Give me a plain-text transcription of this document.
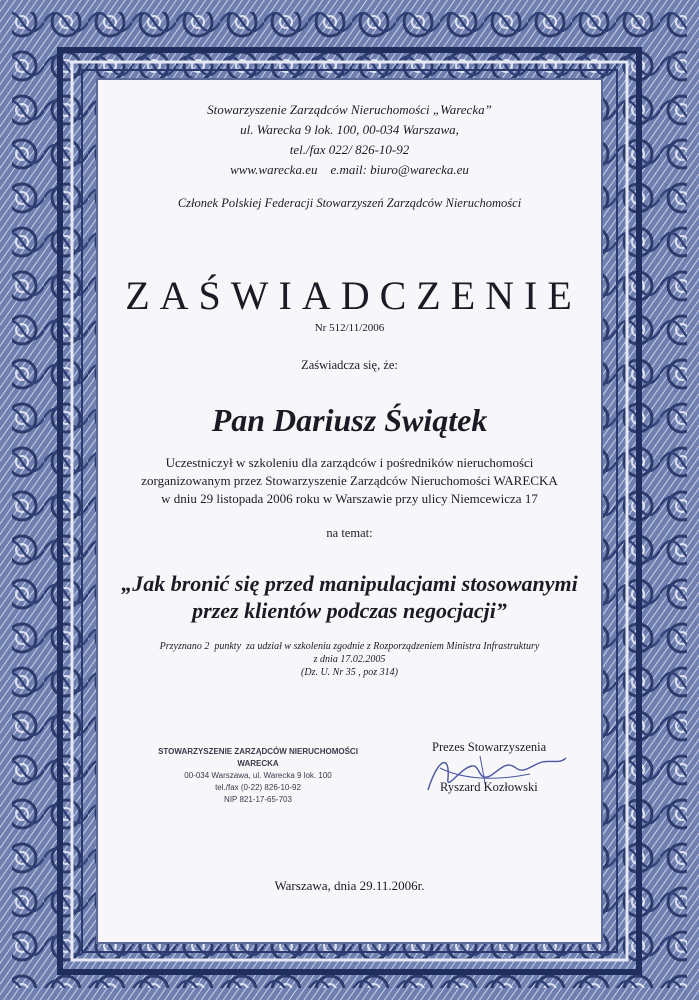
Stowarzyszenie Zarządców Nieruchomości „Warecka”
ul. Warecka 9 lok. 100, 00-034 Warszawa,
tel./fax 022/ 826-10-92
www.warecka.eu    e.mail: biuro@warecka.eu
Członek Polskiej Federacji Stowarzyszeń Zarządców Nieruchomości
ZAŚWIADCZENIE
Nr 512/11/2006
Zaświadcza się, że:
Pan Dariusz Świątek
Uczestniczył w szkoleniu dla zarządców i pośredników nieruchomości
zorganizowanym przez Stowarzyszenie Zarządców Nieruchomości WARECKA
w dniu 29 listopada 2006 roku w Warszawie przy ulicy Niemcewicza 17
na temat:
„Jak bronić się przed manipulacjami stosowanymi
przez klientów podczas negocjacji”
Przyznano 2  punkty  za udział w szkoleniu zgodnie z Rozporządzeniem Ministra Infrastruktury
z dnia 17.02.2005
(Dz. U. Nr 35 , poz 314)
STOWARZYSZENIE ZARZĄDCÓW NIERUCHOMOŚCI
WARECKA
00-034 Warszawa, ul. Warecka 9 lok. 100
tel./fax (0-22) 826-10-92
NIP 821-17-65-703
Prezes Stowarzyszenia
Ryszard Kozłowski
Warszawa, dnia 29.11.2006r.
